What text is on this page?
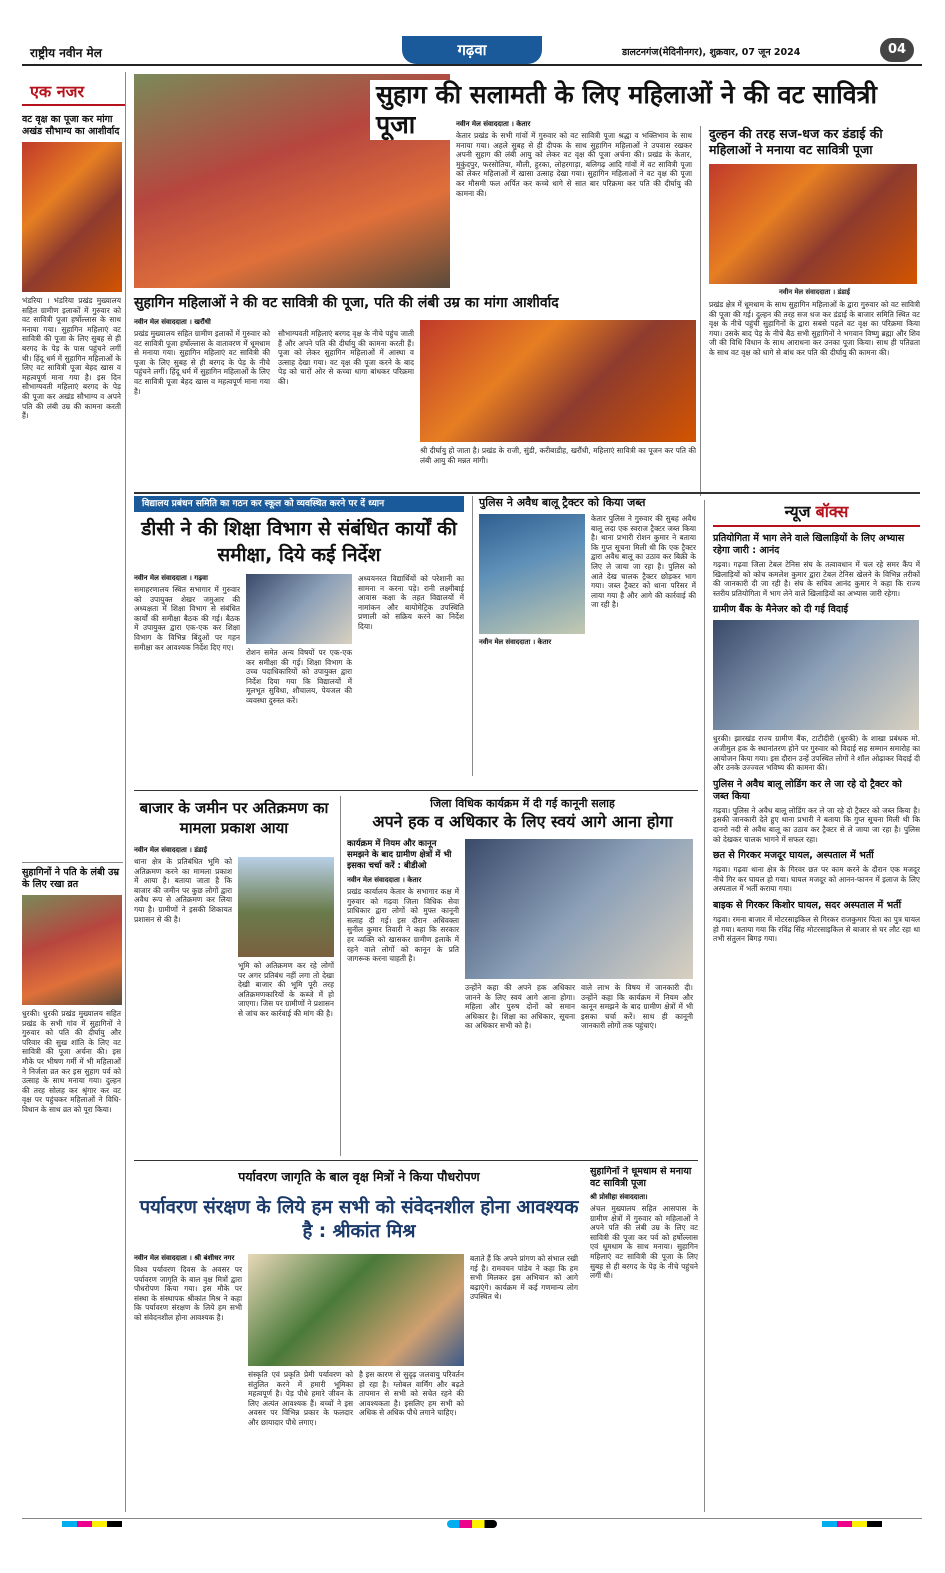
राष्ट्रीय नवीन मेल	गढ़वा	डालटनगंज(मेदिनीनगर), शुक्रवार, 07 जून 2024	04
एक नजर
वट वृक्ष का पूजा कर मांगा अखंड सौभाग्य का आशीर्वाद
भंडरिया । भंडरिया प्रखंड मुख्यालय सहित ग्रामीण इलाकों में गुरुवार को वट सावित्री पूजा हर्षोल्लास के साथ मनाया गया। सुहागिन महिलाएं वट सावित्री की पूजा के लिए सुबह से ही बरगद के पेड़ के पास पहुंचने लगीं थी। हिंदू धर्म में सुहागिन महिलाओं के लिए वट सावित्री पूजा बेहद खास व महत्वपूर्ण माना गया है। इस दिन सौभाग्यवती महिलाएं बरगद के पेड़ की पूजा कर अखंड सौभाग्य व अपने पति की लंबी उम्र की कामना करती हैं।
सुहागिनों ने पति के लंबी उम्र के लिए रखा व्रत
धुरकी। धुरकी प्रखंड मुख्यालय सहित प्रखंड के सभी गांव में सुहागिनों ने गुरुवार को पति की दीर्घायु और परिवार की सुख शांति के लिए वट सावित्री की पूजा अर्चना की। इस मौके पर भीषण गर्मी में भी महिलाओं ने निर्जला व्रत कर इस सुहाग पर्व को उत्साह के साथ मनाया गया। दुल्हन की तरह सोलह कर श्रृंगार कर वट वृक्ष पर पहुंचकर महिलाओं ने विधि-विधान के साथ व्रत को पूरा किया।
सुहाग की सलामती के लिए महिलाओं ने की वट सावित्री पूजा	नवीन मेल संवाददाता । केतार
केतार प्रखंड के सभी गांवों में गुरुवार को वट सावित्री पूजा श्रद्धा व भक्तिभाव के साथ मनाया गया। अहले सुबह से ही दीपक के साथ सुहागिन महिलाओं ने उपवास रखकर अपनी सुहाग की लंबी आयु को लेकर वट वृक्ष की पूजा अर्चना की। प्रखंड के केतार, मुकुंदपुर, फरसोतिया, मौली, हुरका, लोहरगाड़ा, बलिगढ़ आदि गांवों में वट सावित्री पूजा को लेकर महिलाओं में खासा उत्साह देखा गया। सुहागिन महिलाओं ने वट वृक्ष की पूजा कर मौसमी फल अर्पित कर कच्चे धागे से सात बार परिक्रमा कर पति की दीर्घायु की कामना की।
दुल्हन की तरह सज-धज कर डंडाई की महिलाओं ने मनाया वट सावित्री पूजा
नवीन मेल संवाददाता । डंडाई
प्रखंड क्षेत्र में धूमधाम के साथ सुहागिन महिलाओं के द्वारा गुरुवार को वट सावित्री की पूजा की गई। दुल्हन की तरह सज धज कर डंडाई के बाजार समिति स्थित वट वृक्ष के नीचे पहुंची सुहागिनों के द्वारा सबसे पहले वट वृक्ष का परिक्रमा किया गया। उसके बाद पेड़ के नीचे बैठ सभी सुहागिनों ने भगवान विष्णु ब्रह्मा और शिव जी की विधि विधान के साथ आराधना कर उनका पूजा किया। साथ ही पतिव्रता के साथ वट वृक्ष को धागे से बांध कर पति की दीर्घायु की कामना की।
सुहागिन महिलाओं ने की वट सावित्री की पूजा, पति की लंबी उम्र का मांगा आशीर्वाद
नवीन मेल संवाददाता । खरौंधी
प्रखंड मुख्यालय सहित ग्रामीण इलाकों में गुरुवार को वट सावित्री पूजा हर्षोल्लास के वातावरण में धूमधाम से मनाया गया। सुहागिन महिलाएं वट सावित्री की पूजा के लिए सुबह से ही बरगद के पेड़ के नीचे पहुंचने लगीं। हिंदू धर्म में सुहागिन महिलाओं के लिए वट सावित्री पूजा बेहद खास व महत्वपूर्ण माना गया है।
सौभाग्यवती महिलाएं बरगद वृक्ष के नीचे पहुंच जाती हैं और अपने पति की दीर्घायु की कामना करती हैं। पूजा को लेकर सुहागिन महिलाओं में आस्था व उत्साह देखा गया। वट वृक्ष की पूजा करने के बाद पेड़ को चारों ओर से कच्चा धागा बांधकर परिक्रमा की।
श्री दीर्घायु हो जाता है। प्रखंड के राजी, सुंडी, करीबाडीह, खरौंधी, महिलाएं सावित्री का पूजन कर पति की लंबी आयु की मन्नत मांगी।
विद्यालय प्रबंधन समिति का गठन कर स्कूल को व्यवस्थित करने पर दें ध्यान
डीसी ने की शिक्षा विभाग से संबंधित कार्यों की समीक्षा, दिये कई निर्देश
नवीन मेल संवाददाता । गढ़वा
समाहरणालय स्थित सभागार में गुरुवार को उपायुक्त शेखर जमुआर की अध्यक्षता में शिक्षा विभाग से संबंधित कार्यों की समीक्षा बैठक की गई। बैठक में उपायुक्त द्वारा एक-एक कर शिक्षा विभाग के विभिन्न बिंदुओं पर गहन समीक्षा कर आवश्यक निर्देश दिए गए।
रोशन समेत अन्य विषयों पर एक-एक कर समीक्षा की गई। शिक्षा विभाग के उच्च पदाधिकारियों को उपायुक्त द्वारा निर्देश दिया गया कि विद्यालयों में मूलभूत सुविधा, शौचालय, पेयजल की व्यवस्था दुरुस्त करें।
अध्ययनरत विद्यार्थियों को परेशानी का सामना न करना पड़े। रानी लक्ष्मीबाई आवास कक्षा के तहत विद्यालयों में नामांकन और बायोमेट्रिक उपस्थिति प्रणाली को सक्रिय करने का निर्देश दिया।
पुलिस ने अवैध बालू ट्रैक्टर को किया जब्त
नवीन मेल संवाददाता । केतार
केतार पुलिस ने गुरुवार की सुबह अवैध बालू लदा एक स्वराज ट्रैक्टर जब्त किया है। थाना प्रभारी रोशन कुमार ने बताया कि गुप्त सूचना मिली थी कि एक ट्रैक्टर द्वारा अवैध बालू का उठाव कर बिक्री के लिए ले जाया जा रहा है। पुलिस को आते देख चालक ट्रैक्टर छोड़कर भाग गया। जब्त ट्रैक्टर को थाना परिसर में लाया गया है और आगे की कार्रवाई की जा रही है।
न्यूज बॉक्स
प्रतियोगिता में भाग लेने वाले खिलाड़ियों के लिए अभ्यास रहेगा जारी : आनंद
गढ़वा। गढ़वा जिला टेबल टेनिस संघ के तत्वावधान में चल रहे समर कैंप में खिलाड़ियों को कोच कमलेश कुमार द्वारा टेबल टेनिस खेलने के विभिन्न तरीकों की जानकारी दी जा रही है। संघ के सचिव आनंद कुमार ने कहा कि राज्य स्तरीय प्रतियोगिता में भाग लेने वाले खिलाड़ियों का अभ्यास जारी रहेगा।
ग्रामीण बैंक के मैनेजर को दी गई विदाई
धुरकी। झारखंड राज्य ग्रामीण बैंक, टाटीदीरी (धुरकी) के शाखा प्रबंधक मो. अजीमुल हक के स्थानांतरण होने पर गुरुवार को विदाई सह सम्मान समारोह का आयोजन किया गया। इस दौरान उन्हें उपस्थित लोगों ने शॉल ओढ़ाकर विदाई दी और उनके उज्ज्वल भविष्य की कामना की।
पुलिस ने अवैध बालू लोडिंग कर ले जा रहे दो ट्रैक्टर को जब्त किया
गढ़वा। पुलिस ने अवैध बालू लोडिंग कर ले जा रहे दो ट्रैक्टर को जब्त किया है। इसकी जानकारी देते हुए थाना प्रभारी ने बताया कि गुप्त सूचना मिली थी कि दानरो नदी से अवैध बालू का उठाव कर ट्रैक्टर से ले जाया जा रहा है। पुलिस को देखकर चालक भागने में सफल रहा।
छत से गिरकर मजदूर घायल, अस्पताल में भर्ती
गढ़वा। गढ़वा थाना क्षेत्र के गिरवर छत पर काम करने के दौरान एक मजदूर नीचे गिर कर घायल हो गया। घायल मजदूर को आनन-फानन में इलाज के लिए अस्पताल में भर्ती कराया गया।
बाइक से गिरकर किशोर घायल, सदर अस्पताल में भर्ती
गढ़वा। रमना बाजार में मोटरसाइकिल से गिरकर राजकुमार पिता का पुत्र घायल हो गया। बताया गया कि रविंद्र सिंह मोटरसाइकिल से बाजार से घर लौट रहा था तभी संतुलन बिगड़ गया।
बाजार के जमीन पर अतिक्रमण का मामला प्रकाश आया
नवीन मेल संवाददाता । डंडाई
थाना क्षेत्र के प्रतिबंधित भूमि को अतिक्रमण करने का मामला प्रकाश में आया है। बताया जाता है कि बाजार की जमीन पर कुछ लोगों द्वारा अवैध रूप से अतिक्रमण कर लिया गया है। ग्रामीणों ने इसकी शिकायत प्रशासन से की है।
भूमि को अतिक्रमण कर रहे लोगों पर अगर प्रतिबंध नहीं लगा तो देखा देखी बाजार की भूमि पूरी तरह अतिक्रमणकारियों के कब्जे में हो जाएगा। जिस पर ग्रामीणों ने प्रशासन से जांच कर कार्रवाई की मांग की है।
जिला विधिक कार्यक्रम में दी गई कानूनी सलाह
अपने हक व अधिकार के लिए स्वयं आगे आना होगा
कार्यक्रम में नियम और कानून समझने के बाद ग्रामीण क्षेत्रों में भी इसका चर्चा करें : बीडीओ
नवीन मेल संवाददाता । केतार
प्रखंड कार्यालय केतार के सभागार कक्ष में गुरुवार को गढ़वा जिला विधिक सेवा प्राधिकार द्वारा लोगों को मुफ्त कानूनी सलाह दी गई। इस दौरान अधिवक्ता सुनील कुमार तिवारी ने कहा कि सरकार हर व्यक्ति को खासकर ग्रामीण इलाके में रहने वाले लोगों को कानून के प्रति जागरूक करना चाहती है।
उन्होंने कहा की अपने हक अधिकार जानने के लिए स्वयं आगे आना होगा। महिला और पुरुष दोनों को समान अधिकार है। शिक्षा का अधिकार, सूचना का अधिकार सभी को है।
वाले लाभ के विषय में जानकारी दी। उन्होंने कहा कि कार्यक्रम में नियम और कानून समझने के बाद ग्रामीण क्षेत्रों में भी इसका चर्चा करें। साथ ही कानूनी जानकारी लोगों तक पहुंचाएं।
सुहागिनों ने धूमधाम से मनाया वट सावित्री पूजा
श्री प्रोसीहा संवाददाता।
अंचल मुख्यालय सहित आसपास के ग्रामीण क्षेत्रों में गुरुवार को महिलाओं ने अपने पति की लंबी उम्र के लिए वट सावित्री की पूजा कर पर्व को हर्षोल्लास एवं धूमधाम के साथ मनाया। सुहागिन महिलाएं वट सावित्री की पूजा के लिए सुबह से ही बरगद के पेड़ के नीचे पहुंचने लगीं थी।
पर्यावरण जागृति के बाल वृक्ष मित्रों ने किया पौधरोपण
पर्यावरण संरक्षण के लिये हम सभी को संवेदनशील होना आवश्यक है : श्रीकांत मिश्र
नवीन मेल संवाददाता । श्री बंशीधर नगर
विश्व पर्यावरण दिवस के अवसर पर पर्यावरण जागृति के बाल वृक्ष मित्रों द्वारा पौधरोपण किया गया। इस मौके पर संस्था के संस्थापक श्रीकांत मिश्र ने कहा कि पर्यावरण संरक्षण के लिये हम सभी को संवेदनशील होना आवश्यक है।
संस्कृति एवं प्रकृति प्रेमी पर्यावरण को संतुलित करने में हमारी भूमिका महत्वपूर्ण है। पेड़ पौधे हमारे जीवन के लिए अत्यंत आवश्यक हैं। बच्चों ने इस अवसर पर विभिन्न प्रकार के फलदार और छायादार पौधे लगाए।
है इस कारण से सुदृढ़ जलवायु परिवर्तन हो रहा है। ग्लोबल वार्मिंग और बढ़ते तापमान से सभी को सचेत रहने की आवश्यकता है। इसलिए हम सभी को अधिक से अधिक पौधे लगाने चाहिए।
बताते हैं कि अपने प्रांगण को संभाल रखी गई है। रामवचन पांडेय ने कहा कि हम सभी मिलकर इस अभियान को आगे बढ़ाएंगे। कार्यक्रम में कई गणमान्य लोग उपस्थित थे।
